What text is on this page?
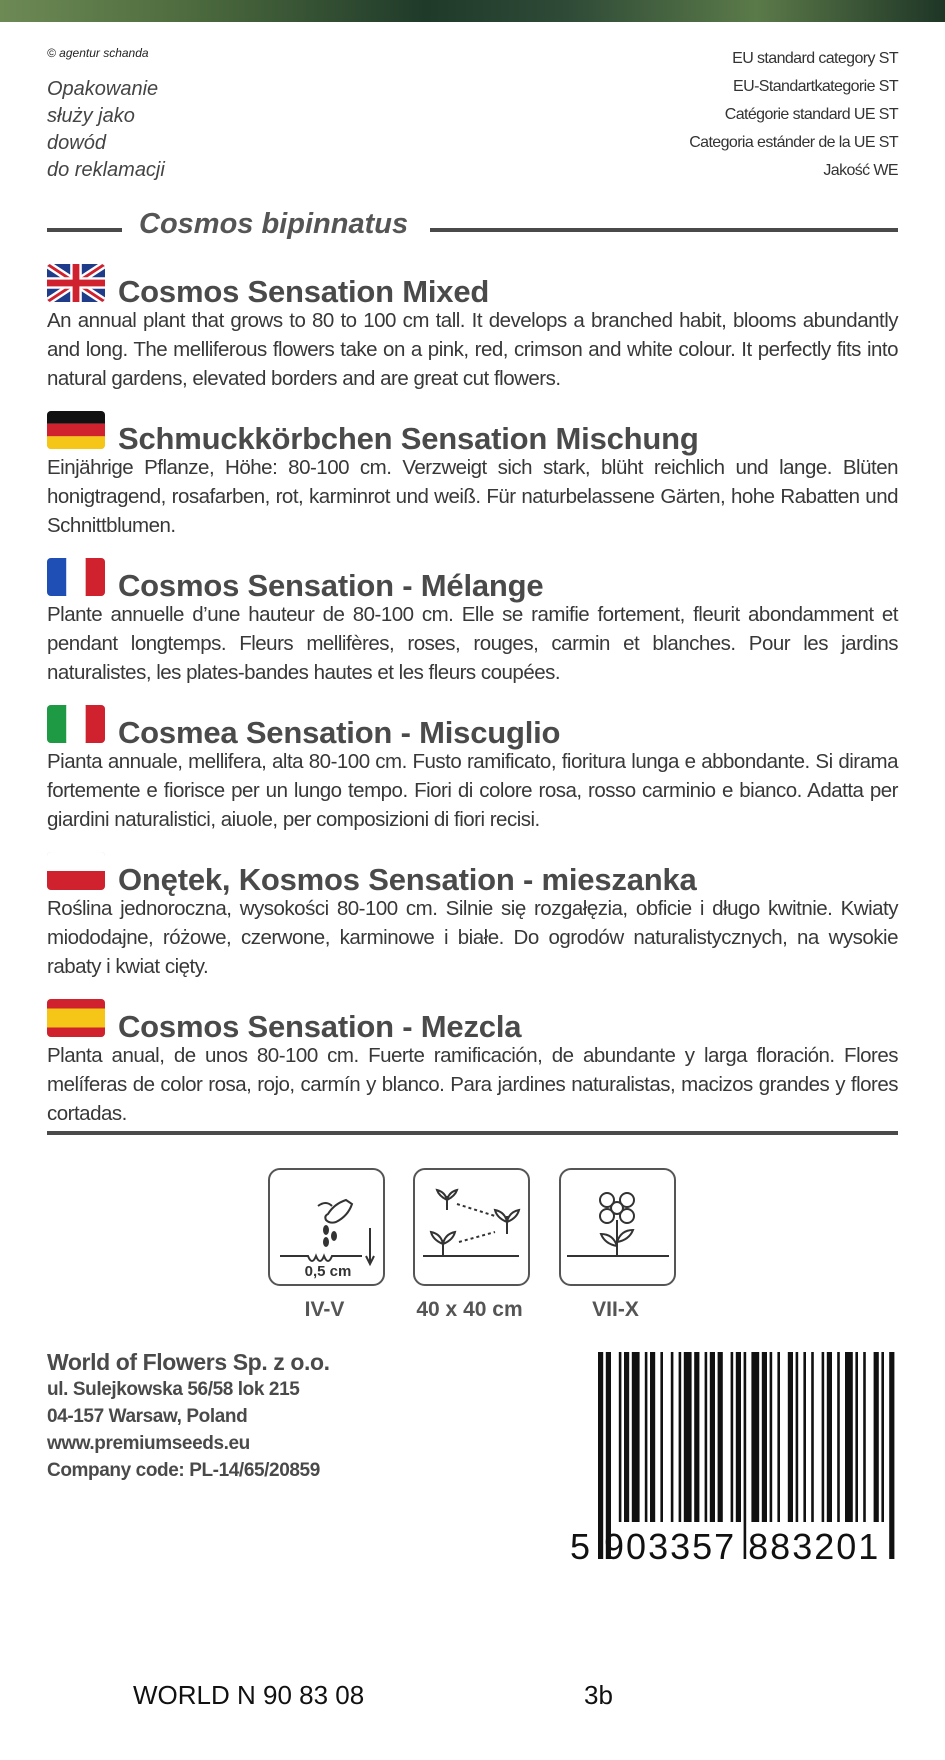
© agentur schanda
Opakowanie
służy jako
dowód
do reklamacji
EU standard category ST
EU-Standartkategorie ST
Catégorie standard UE ST
Categoria estánder de la UE ST
Jakość WE
Cosmos bipinnatus
Cosmos Sensation Mixed
An annual plant that grows to 80 to 100 cm tall. It develops a branched habit, blooms abundantly and long. The melliferous flowers take on a pink, red, crimson and white colour. It perfectly fits into natural gardens, elevated borders and are great cut flowers.
Schmuckkörbchen Sensation Mischung
Einjährige Pflanze, Höhe: 80-100 cm. Verzweigt sich stark, blüht reichlich und lange. Blüten honigtragend, rosafarben, rot, karminrot und weiß. Für naturbelassene Gärten, hohe Rabatten und Schnittblumen.
Cosmos Sensation - Mélange
Plante annuelle d’une hauteur de 80-100 cm. Elle se ramifie fortement, fleurit abondamment et pendant longtemps. Fleurs mellifères, roses, rouges, carmin et blanches. Pour les jardins naturalistes, les plates-bandes hautes et les fleurs coupées.
Cosmea Sensation - Miscuglio
Pianta annuale, mellifera, alta 80-100 cm. Fusto ramificato, fioritura lunga e abbondante. Si dirama fortemente e fiorisce per un lungo tempo. Fiori di colore rosa, rosso carminio e bianco. Adatta per giardini naturalistici, aiuole, per composizioni di fiori recisi.
Onętek, Kosmos Sensation - mieszanka
Roślina jednoroczna, wysokości 80-100 cm. Silnie się rozgałęzia, obficie i długo kwitnie. Kwiaty miododajne, różowe, czerwone, karminowe i białe. Do ogrodów naturalistycznych, na wysokie rabaty i kwiat cięty.
Cosmos Sensation - Mezcla
Planta anual, de unos 80-100 cm. Fuerte ramificación, de abundante y larga floración. Flores melíferas de color rosa, rojo, carmín y blanco. Para jardines naturalistas, macizos grandes y flores cortadas.
0,5 cm
IV-V	40 x 40 cm	VII-X
World of Flowers Sp. z o.o.
ul. Sulejkowska 56/58 lok 215
04-157 Warsaw, Poland
www.premiumseeds.eu
Company code: PL-14/65/20859
5 903357 883201
WORLD N 90 83 08	3b
